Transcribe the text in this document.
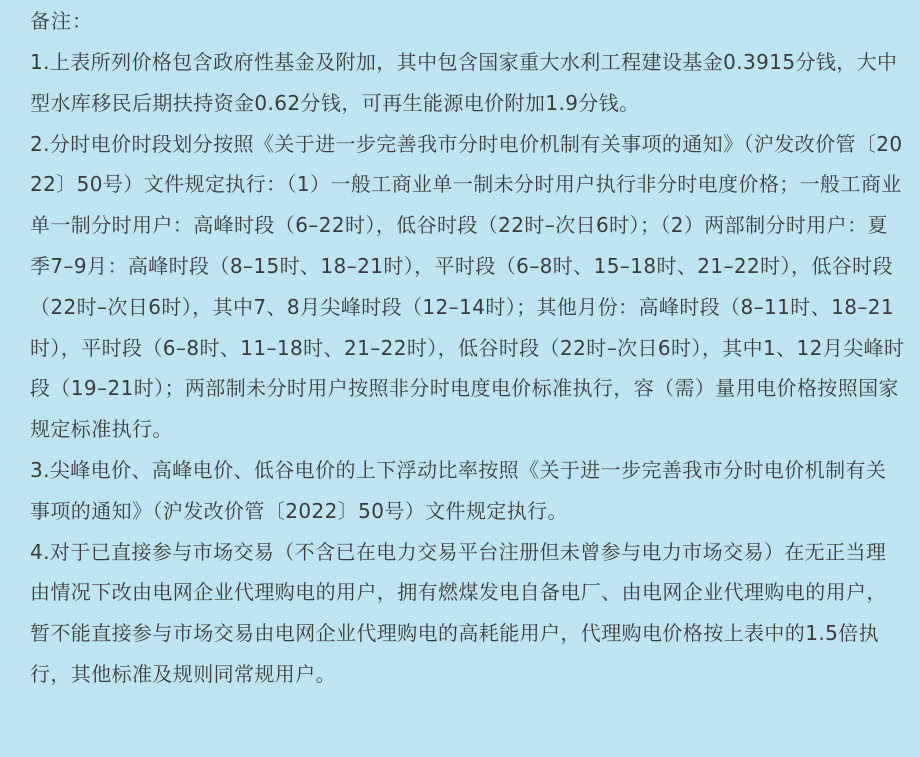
备注：

1.上表所列价格包含政府性基金及附加，其中包含国家重大水利工程建设基金0.3915分钱，大中型水库移民后期扶持资金0.62分钱，可再生能源电价附加1.9分钱。

2.分时电价时段划分按照《关于进一步完善我市分时电价机制有关事项的通知》（沪发改价管〔2022〕50号）文件规定执行：（1）一般工商业单一制未分时用户执行非分时电度价格；一般工商业单一制分时用户：高峰时段（6–22时），低谷时段（22时–次日6时）；（2）两部制分时用户：夏季7–9月：高峰时段（8–15时、18–21时），平时段（6–8时、15–18时、21–22时），低谷时段（22时–次日6时），其中7、8月尖峰时段（12–14时）；其他月份：高峰时段（8–11时、18–21时），平时段（6–8时、11–18时、21–22时），低谷时段（22时–次日6时），其中1、12月尖峰时段（19–21时）；两部制未分时用户按照非分时电度电价标准执行，容（需）量用电价格按照国家规定标准执行。

3.尖峰电价、高峰电价、低谷电价的上下浮动比率按照《关于进一步完善我市分时电价机制有关事项的通知》（沪发改价管〔2022〕50号）文件规定执行。

4.对于已直接参与市场交易（不含已在电力交易平台注册但未曾参与电力市场交易）在无正当理由情况下改由电网企业代理购电的用户，拥有燃煤发电自备电厂、由电网企业代理购电的用户，暂不能直接参与市场交易由电网企业代理购电的高耗能用户，代理购电价格按上表中的1.5倍执行，其他标准及规则同常规用户。
